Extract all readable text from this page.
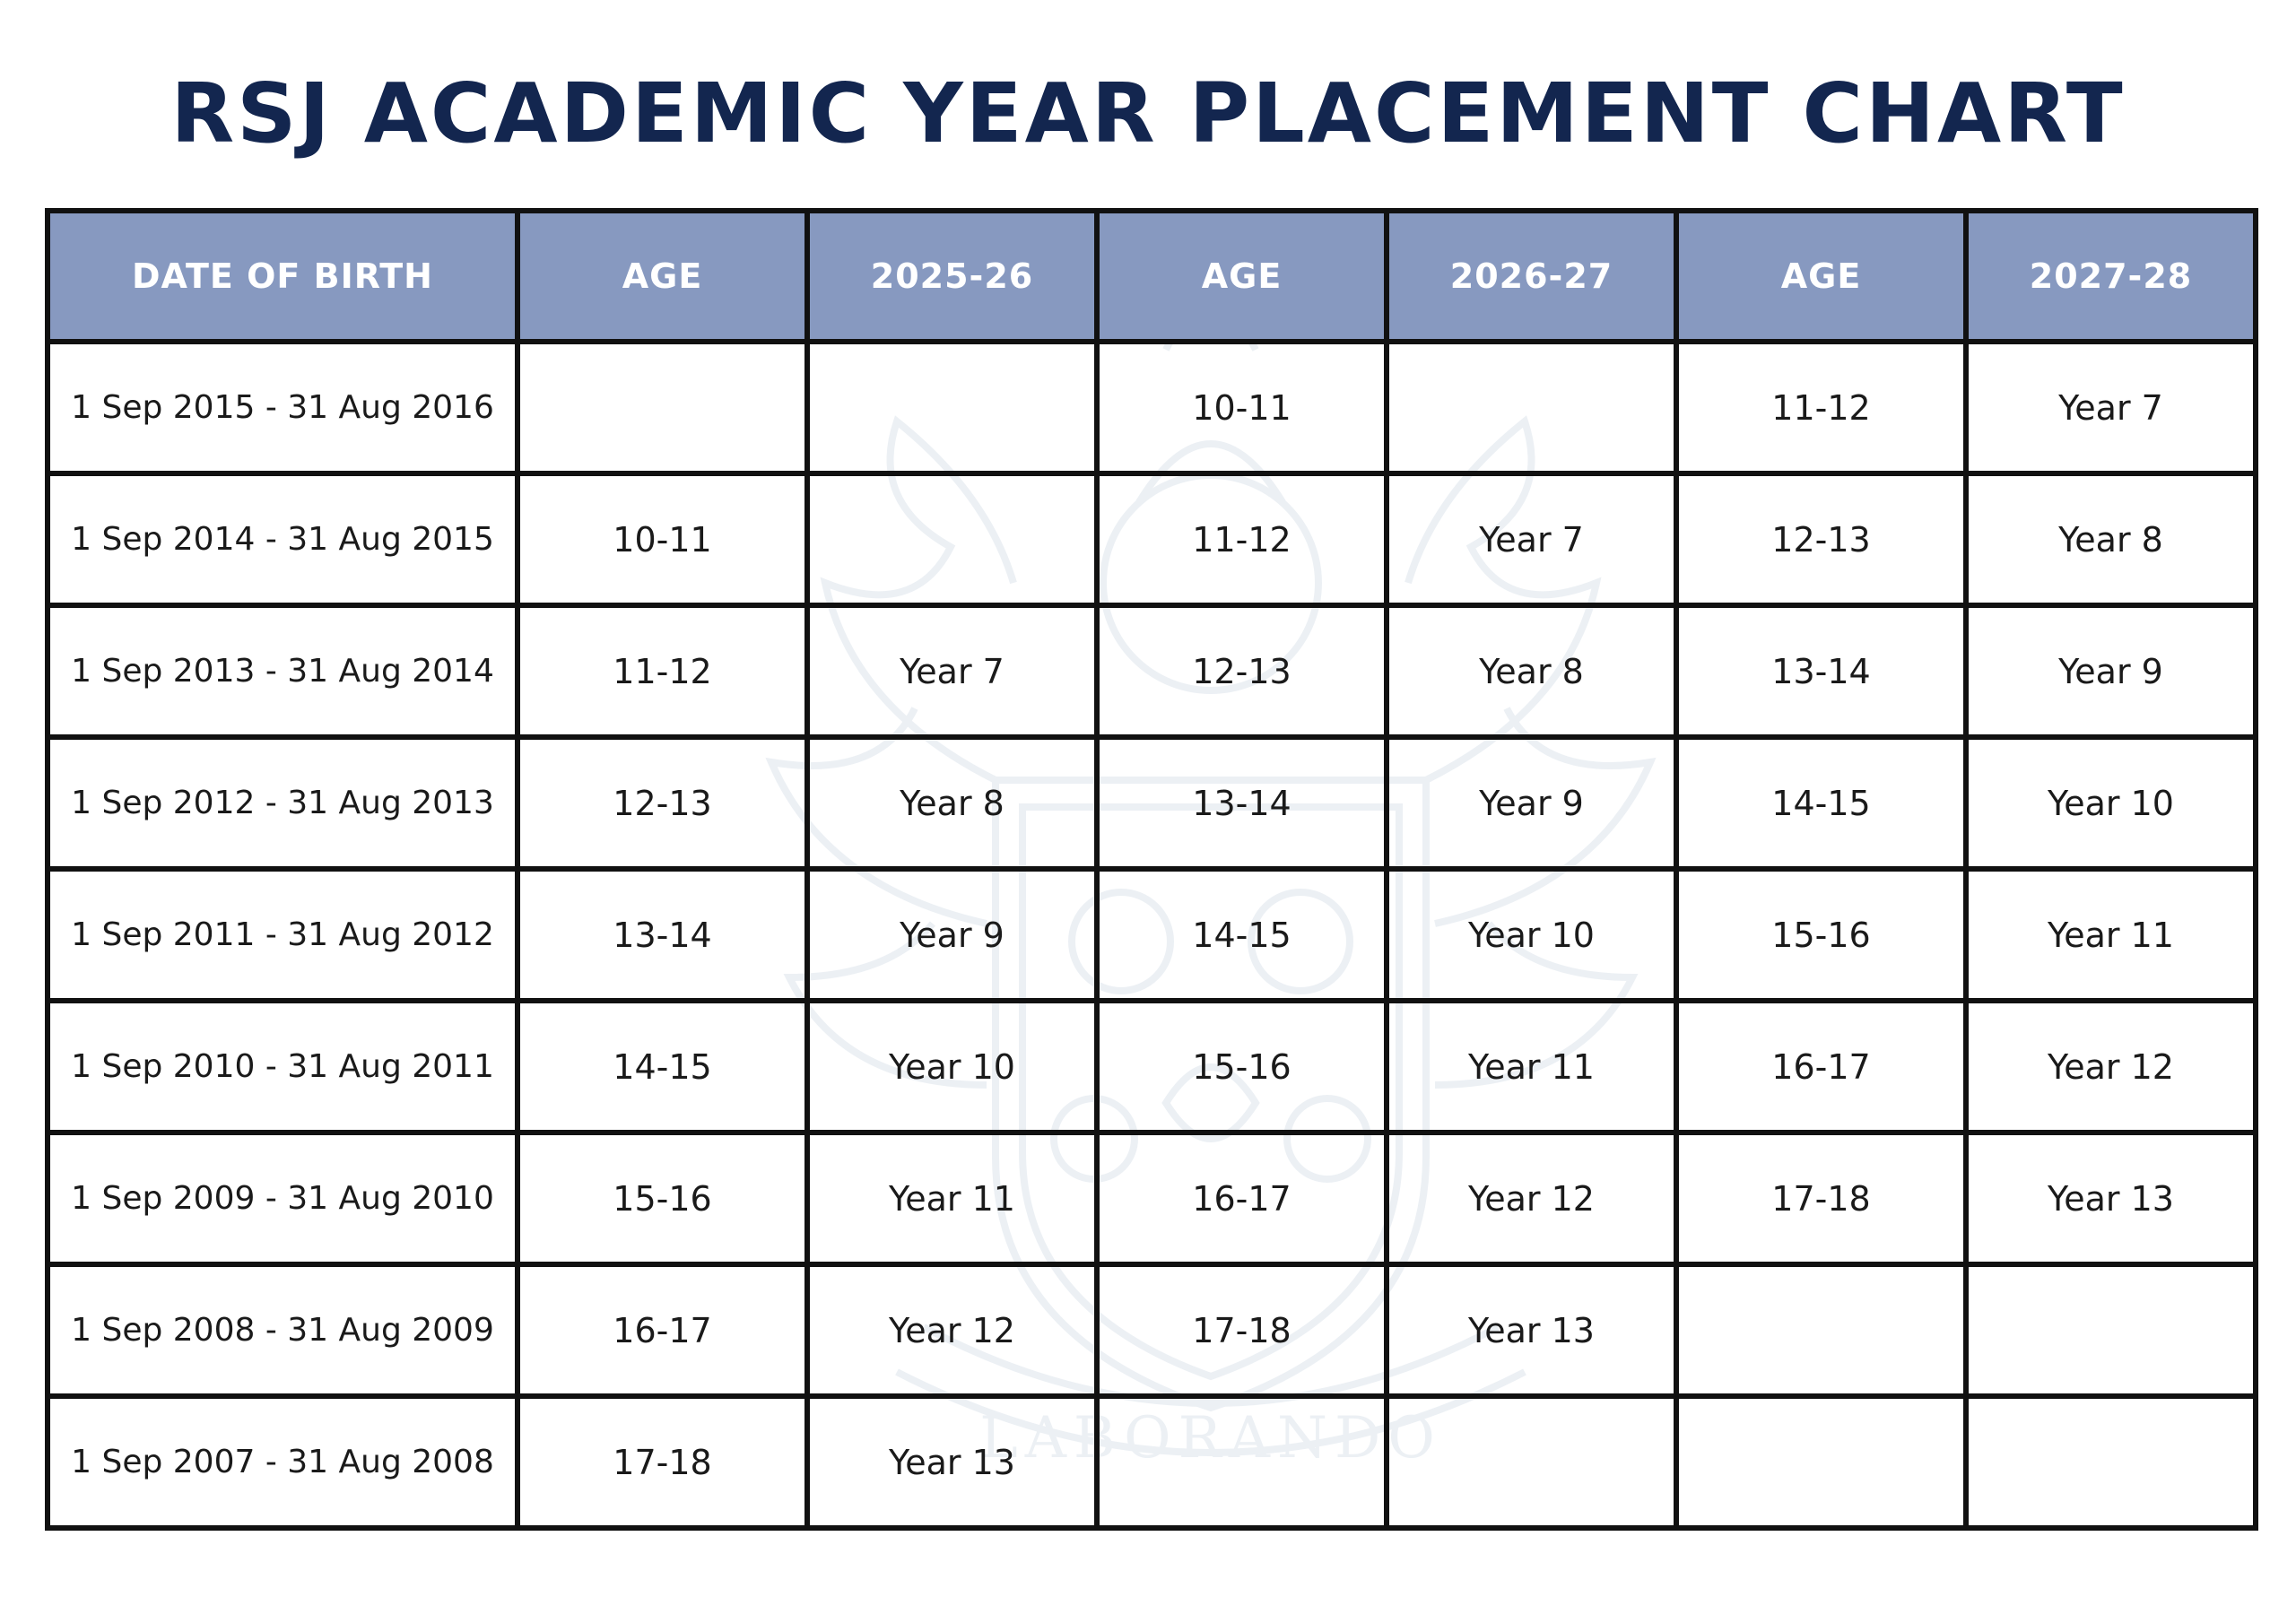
RSJ ACADEMIC YEAR PLACEMENT CHART
LABORANDO
DATE OF BIRTH	AGE	2025-26	AGE	2026-27	AGE	2027-28
1 Sep 2015 - 31 Aug 2016			10-11		11-12	Year 7
1 Sep 2014 - 31 Aug 2015	10-11		11-12	Year 7	12-13	Year 8
1 Sep 2013 - 31 Aug 2014	11-12	Year 7	12-13	Year 8	13-14	Year 9
1 Sep 2012 - 31 Aug 2013	12-13	Year 8	13-14	Year 9	14-15	Year 10
1 Sep 2011 - 31 Aug 2012	13-14	Year 9	14-15	Year 10	15-16	Year 11
1 Sep 2010 - 31 Aug 2011	14-15	Year 10	15-16	Year 11	16-17	Year 12
1 Sep 2009 - 31 Aug 2010	15-16	Year 11	16-17	Year 12	17-18	Year 13
1 Sep 2008 - 31 Aug 2009	16-17	Year 12	17-18	Year 13		
1 Sep 2007 - 31 Aug 2008	17-18	Year 13				
